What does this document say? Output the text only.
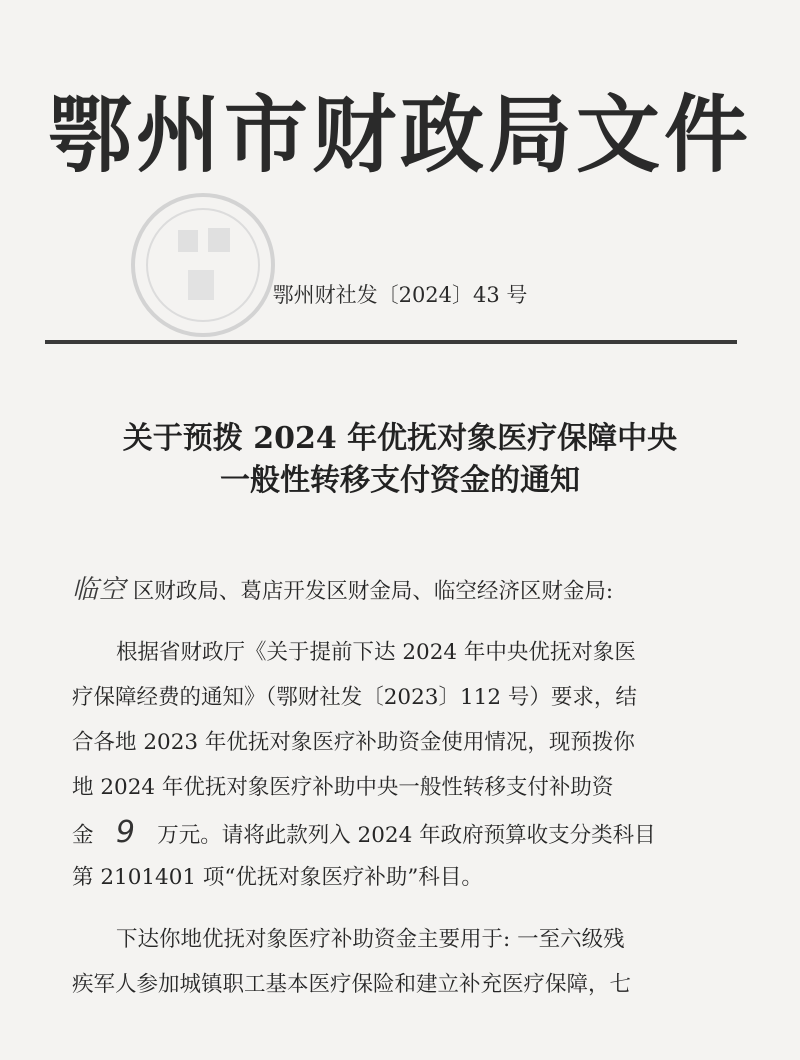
鄂州市财政局文件
鄂州财社发〔2024〕43 号
关于预拨 2024 年优抚对象医疗保障中央
一般性转移支付资金的通知
临空 区财政局、葛店开发区财金局、临空经济区财金局:
根据省财政厅《关于提前下达 2024 年中央优抚对象医
疗保障经费的通知》（鄂财社发〔2023〕112 号）要求，结
合各地 2023 年优抚对象医疗补助资金使用情况，现预拨你
地 2024 年优抚对象医疗补助中央一般性转移支付补助资
金 9 万元。请将此款列入 2024 年政府预算收支分类科目
第 2101401 项“优抚对象医疗补助”科目。
下达你地优抚对象医疗补助资金主要用于: 一至六级残
疾军人参加城镇职工基本医疗保险和建立补充医疗保障，七
